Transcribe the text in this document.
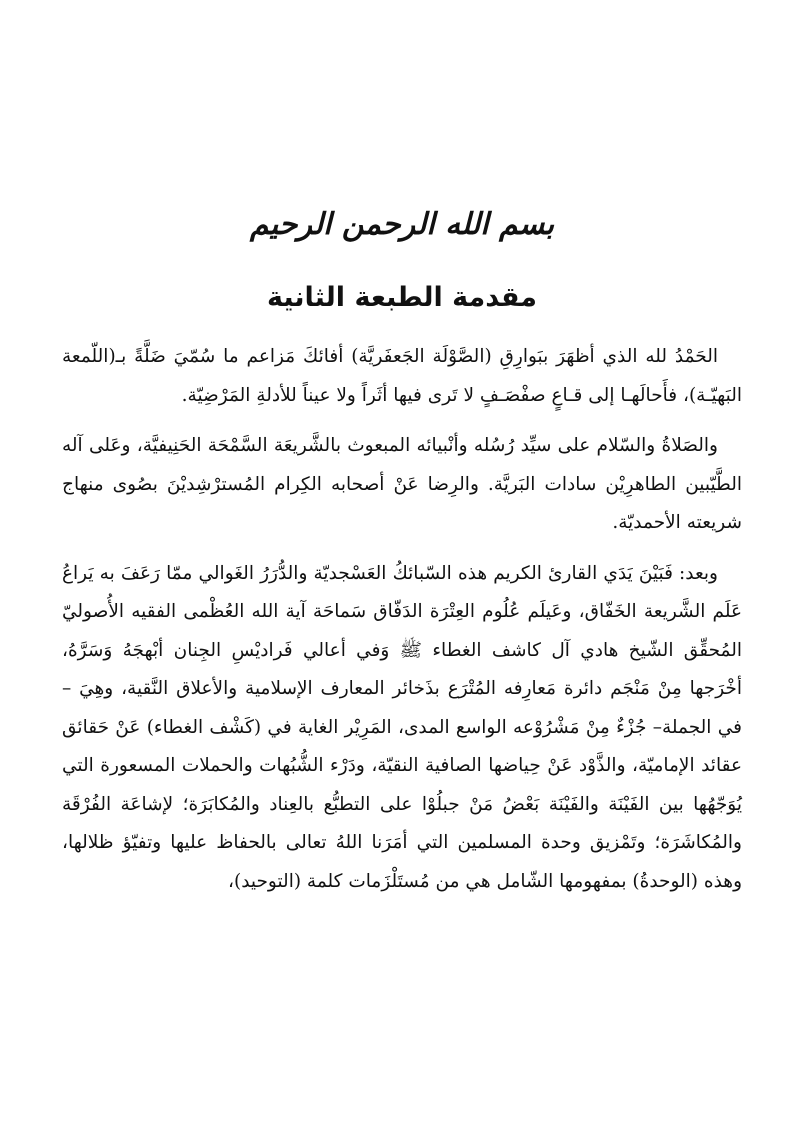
بسم الله الرحمن الرحيم
مقدمة الطبعة الثانية

الحَمْدُ لله الذي أظهَرَ ببَوارِقِ (الصَّوْلَة الجَعفَريَّة) أفائكَ مَزاعم ما سُمّيَ ضَلَّةً بـ(اللّمعة البَهيّـة)، فأَحالَهـا إلى قـاعٍ صفْصَـفٍ لا تَرى فيها أثَراً ولا عيناً للأدلةِ المَرْضِيّة.

والصَلاةُ والسّلام على سيِّد رُسُله وأنْبيائه المبعوث بالشَّريعَة السَّمْحَة الحَنِيفيَّة، وعَلى آله الطَّيّبين الطاهرِيْن سادات البَريَّة. والرِضا عَنْ أصحابه الكِرام المُسترْشِديْنَ بصُوى منهاج شريعته الأحمديّة.

وبعد: فَبَيْنَ يَدَي القارئ الكريم هذه السّبائكُ العَسْجديّة والدُّرَرُ الغَوالي ممّا رَعَفَ به يَراعُ عَلَم الشَّريعة الخَفّاق، وعَيلَم عُلُوم العِتْرَة الدَفّاق سَماحَة آية الله العُظْمى الفقيه الأُصوليّ المُحقِّق الشّيخ هادي آل كاشف الغطاء ﷺ وَفي أعالي فَراديْسِ الجِنان أبْهجَهُ وَسَرَّهُ، أخْرَجها مِنْ مَنْجَم دائرة مَعارِفه المُتْرَع بذَخائر المعارف الإسلامية والأعلاق النَّقية، وهِيَ –في الجملة– جُزْءٌ مِنْ مَشْرُوْعه الواسع المدى، المَرِيْر الغاية في (كَشْف الغطاء) عَنْ حَقائق عقائد الإماميّة، والذَّوْد عَنْ حِياضها الصافية النقيّة، ودَرْء الشُّبُهات والحملات المسعورة التي يُوَجّهُها بين الفَيْنَة والفَيْنَة بَعْضُ مَنْ جبلُوْا على التطبُّع بالعِناد والمُكابَرَة؛ لإشاعَة الفُرْقَة والمُكاشَرَة؛ وتَمْزيق وحدة المسلمين التي أمَرَنا اللهُ تعالى بالحفاظ عليها وتفيّؤ ظلالها، وهذه (الوحدةُ) بمفهومها الشّامل هي من مُستَلْزَمات كلمة (التوحيد)،
